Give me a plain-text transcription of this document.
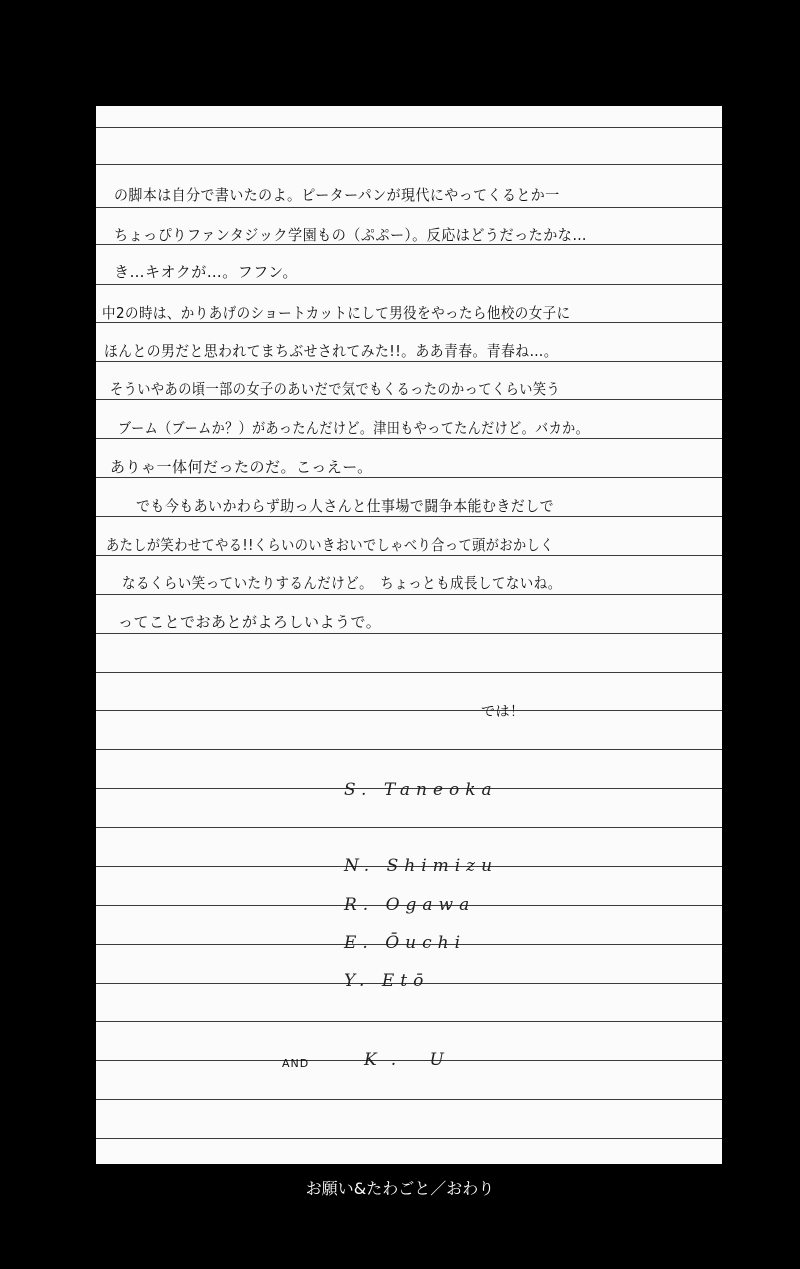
の脚本は自分で書いたのよ。ピーターパンが現代にやってくるとか一
ちょっぴりファンタジック学園もの（ぷぷー）。反応はどうだったかな…
き…キオクが…。フフン。
中2の時は、かりあげのショートカットにして男役をやったら他校の女子に
ほんとの男だと思われてまちぶせされてみた!!。ああ青春。青春ね…。
そういやあの頃一部の女子のあいだで気でもくるったのかってくらい笑う
ブーム（ブームか？）があったんだけど。津田もやってたんだけど。バカか。
ありゃ一体何だったのだ。こっえー。
でも今もあいかわらず助っ人さんと仕事場で闘争本能むきだしで
あたしが笑わせてやる!!くらいのいきおいでしゃべり合って頭がおかしく
なるくらい笑っていたりするんだけど。　ちょっとも成長してないね。
ってことでおあとがよろしいようで。
では！
S. Taneoka
N. Shimizu
R. Ogawa
E. Ōuchi
Y. Etō
AND	K. U
お願い&たわごと／おわり
